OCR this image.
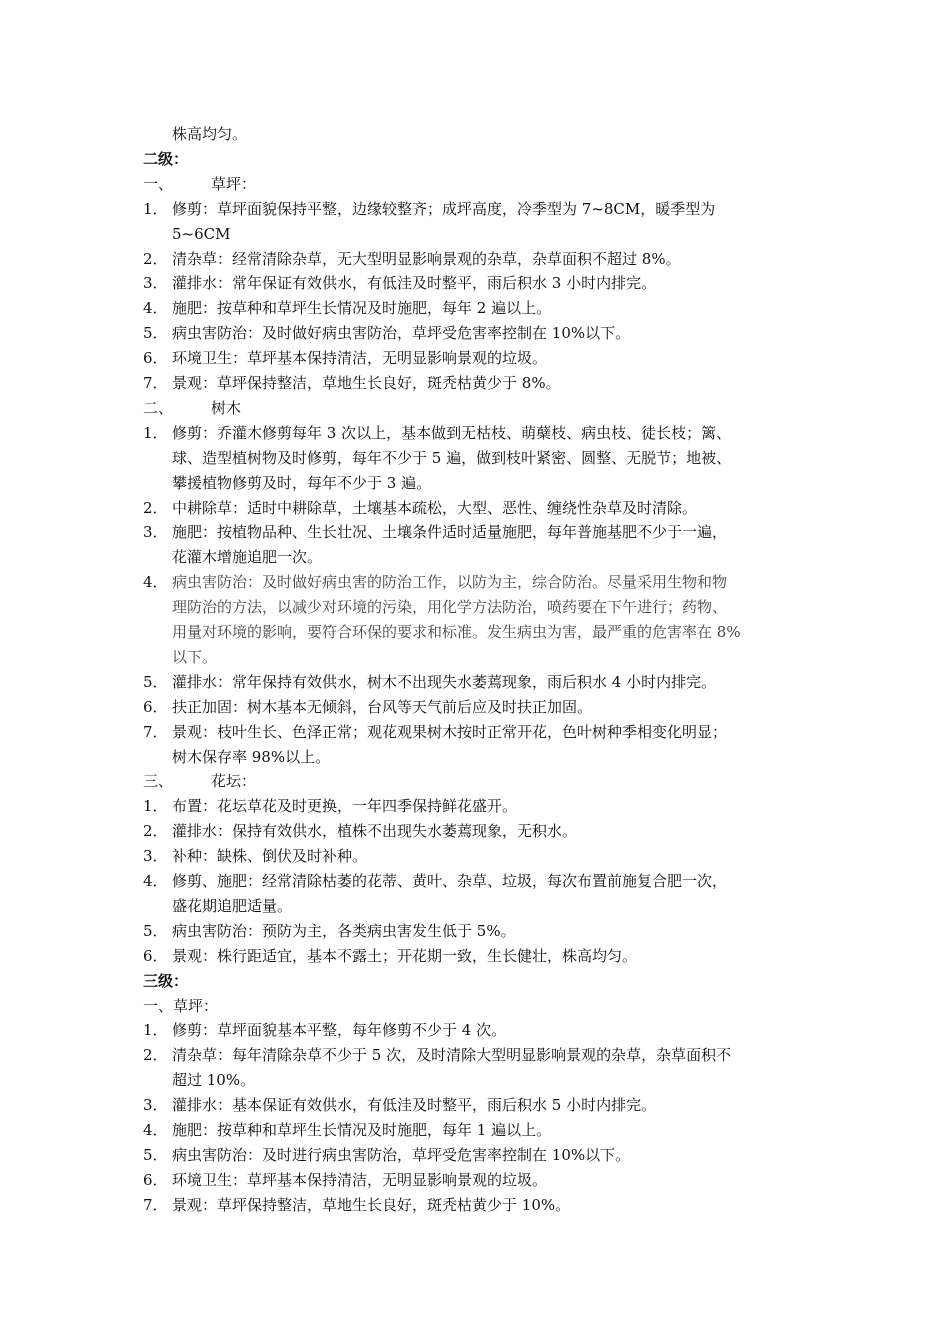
株高均匀。
二级：
一、	草坪：
1． 修剪：草坪面貌保持平整，边缘较整齐；成坪高度，冷季型为 7~8CM，暖季型为
5~6CM
2． 清杂草：经常清除杂草，无大型明显影响景观的杂草，杂草面积不超过 8%。
3． 灌排水：常年保证有效供水，有低洼及时整平，雨后积水 3 小时内排完。
4． 施肥：按草种和草坪生长情况及时施肥，每年 2 遍以上。
5． 病虫害防治：及时做好病虫害防治，草坪受危害率控制在 10%以下。
6． 环境卫生：草坪基本保持清洁，无明显影响景观的垃圾。
7． 景观：草坪保持整洁，草地生长良好，斑秃枯黄少于 8%。
二、	树木
1． 修剪：乔灌木修剪每年 3 次以上，基本做到无枯枝、萌蘖枝、病虫枝、徒长枝；篱、
球、造型植树物及时修剪，每年不少于 5 遍，做到枝叶紧密、圆整、无脱节；地被、
攀援植物修剪及时，每年不少于 3 遍。
2． 中耕除草：适时中耕除草，土壤基本疏松，大型、恶性、缠绕性杂草及时清除。
3． 施肥：按植物品种、生长壮况、土壤条件适时适量施肥，每年普施基肥不少于一遍，
花灌木增施追肥一次。
4． 病虫害防治：及时做好病虫害的防治工作，以防为主，综合防治。尽量采用生物和物
理防治的方法，以减少对环境的污染，用化学方法防治，喷药要在下午进行；药物、
用量对环境的影响，要符合环保的要求和标准。发生病虫为害，最严重的危害率在 8%
以下。
5． 灌排水：常年保持有效供水，树木不出现失水萎蔫现象，雨后积水 4 小时内排完。
6． 扶正加固：树木基本无倾斜，台风等天气前后应及时扶正加固。
7． 景观：枝叶生长、色泽正常；观花观果树木按时正常开花，色叶树种季相变化明显；
树木保存率 98%以上。
三、	花坛：
1． 布置：花坛草花及时更换，一年四季保持鲜花盛开。
2． 灌排水：保持有效供水，植株不出现失水萎蔫现象，无积水。
3． 补种：缺株、倒伏及时补种。
4． 修剪、施肥：经常清除枯萎的花蒂、黄叶、杂草、垃圾，每次布置前施复合肥一次，
盛花期追肥适量。
5． 病虫害防治：预防为主，各类病虫害发生低于 5%。
6． 景观：株行距适宜，基本不露土；开花期一致，生长健壮，株高均匀。
三级：
一、草坪：
1． 修剪：草坪面貌基本平整，每年修剪不少于 4 次。
2． 清杂草：每年清除杂草不少于 5 次，及时清除大型明显影响景观的杂草，杂草面积不
超过 10%。
3． 灌排水：基本保证有效供水，有低洼及时整平，雨后积水 5 小时内排完。
4． 施肥：按草种和草坪生长情况及时施肥，每年 1 遍以上。
5． 病虫害防治：及时进行病虫害防治，草坪受危害率控制在 10%以下。
6． 环境卫生：草坪基本保持清洁，无明显影响景观的垃圾。
7． 景观：草坪保持整洁，草地生长良好，斑秃枯黄少于 10%。
